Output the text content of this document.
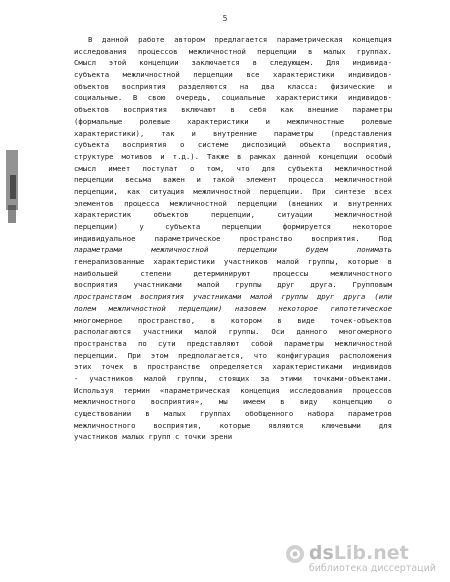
5
В данной работе автором предлагается параметрическая концепция
исследования процессов межличностной перцепции в малых группах.
Смысл этой концепции заключается в следующем. Для индивида-
субъекта межличностной перцепции все характеристики индивидов-
объектов восприятия разделяются на два класса: физические и
социальные. В свою очередь, социальные характеристики индивидов-
объектов восприятия включают в себя как внешние параметры
(формальные ролевые характеристики и межличностные ролевые
характеристики), так и внутренние параметры (представления
субъекта восприятия о системе диспозиций объекта восприятия,
структуре мотивов и т.д.). Также в рамках данной концепции особый
смысл имеет постулат о том, что для субъекта межличностной
перцепции весьма важен и такой элемент процесса межличностной
перцепции, как ситуация межличностной перцепции. При синтезе всех
элементов процесса межличностной перцепции (внешних и внутренних
характеристик объектов перцепции, ситуации межличностной
перцепции) у субъекта перцепции формируется некоторое
индивидуальное параметрическое пространство восприятия. Под
параметрами межличностной перцепции будем понимать
генерализованные характеристики участников малой группы, которые в
наибольшей степени детерминируют процессы межличностного
восприятия участниками малой группы друг друга. Групповым
пространством восприятия участниками малой группы друг друга (или
полем межличностной перцепции) назовем некоторое гипотетическое
многомерное пространство, в котором в виде точек-объектов
располагаются участники малой группы. Оси данного многомерного
пространства по сути представляют собой параметры межличностной
перцепции. При этом предполагается, что конфигурация расположения
этих точек в пространстве определяется характеристиками индивидов
- участников малой группы, стоящих за этими точками-объектами.
Используя термин «параметрическая концепция исследования процессов
межличностного восприятия», мы имеем в виду концепцию о
существовании в малых группах обобщенного набора параметров
межличностного восприятия, которые являются ключевыми для
участников малых групп с точки зрени
dsLib.net
библиотека диссертаций
